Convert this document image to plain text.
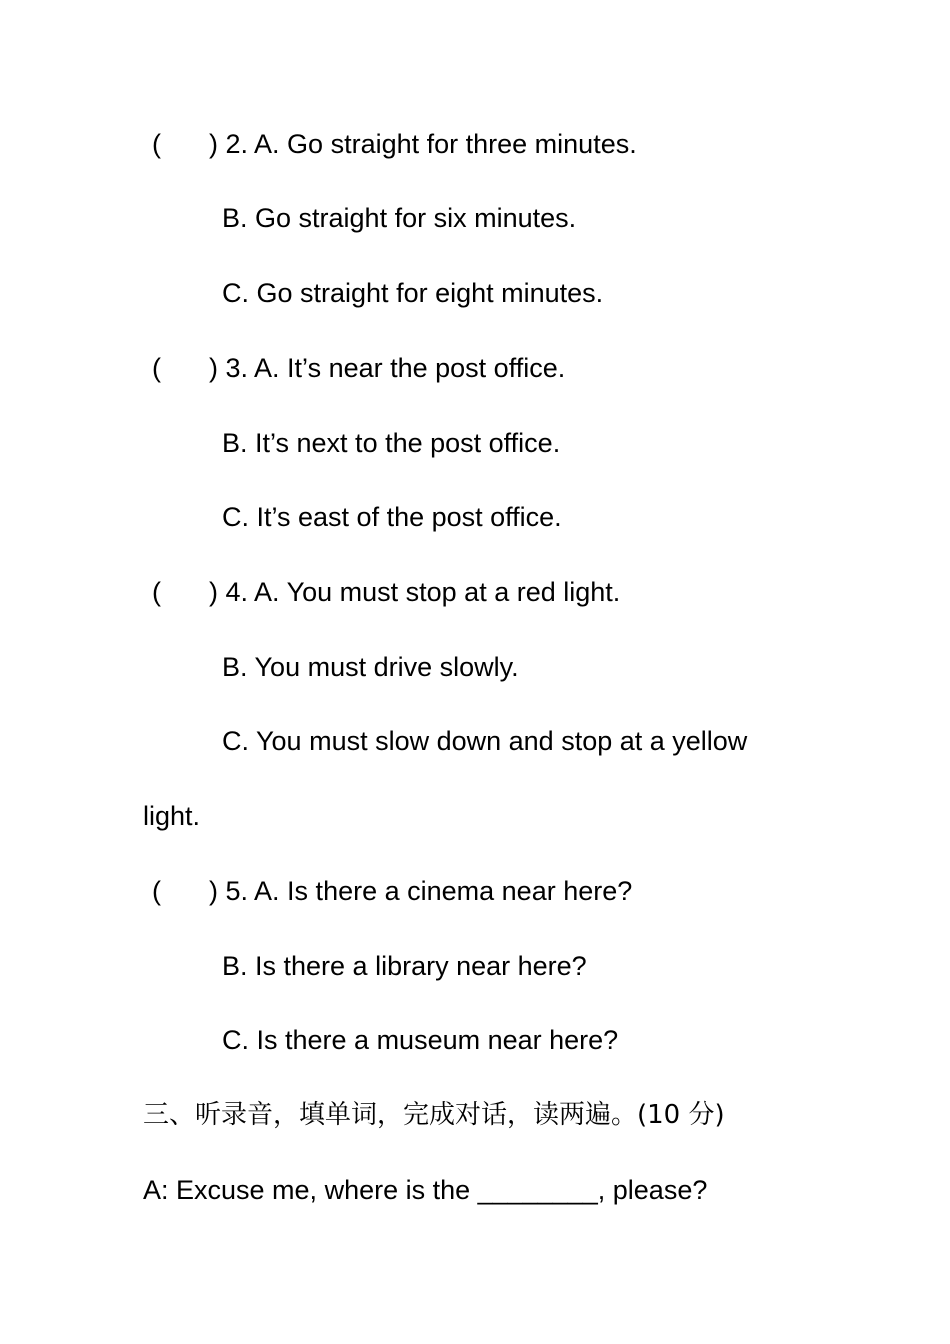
( ) 2. A. Go straight for three minutes.
B. Go straight for six minutes.
C. Go straight for eight minutes.
( ) 3. A. It’s near the post office.
B. It’s next to the post office.
C. It’s east of the post office.
( ) 4. A. You must stop at a red light.
B. You must drive slowly.
C. You must slow down and stop at a yellow
light.
( ) 5. A. Is there a cinema near here?
B. Is there a library near here?
C. Is there a museum near here?
三、听录音，填单词，完成对话，读两遍。(10 分)
A: Excuse me, where is the ________, please?
